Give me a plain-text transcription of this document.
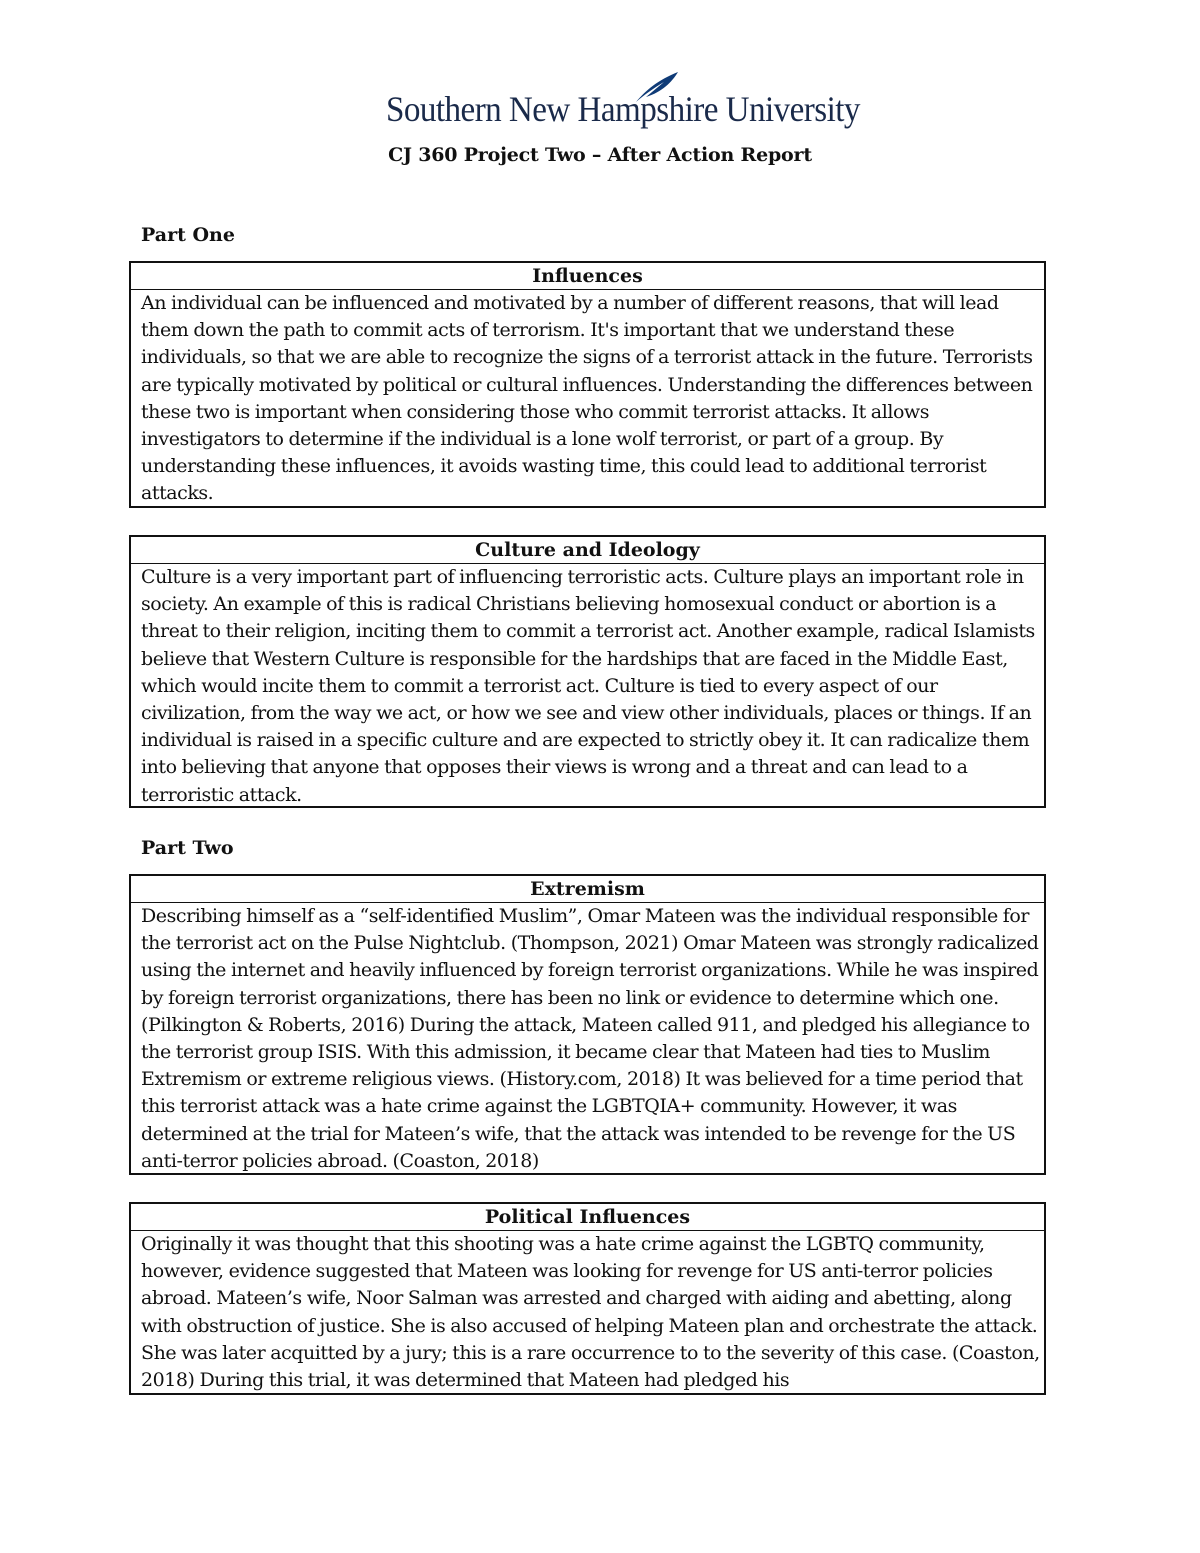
Southern New Hampshire University
CJ 360 Project Two – After Action Report
Part One
Influences
An individual can be influenced and motivated by a number of different reasons, that will lead them down the path to commit acts of terrorism. It's important that we understand these individuals, so that we are able to recognize the signs of a terrorist attack in the future. Terrorists are typically motivated by political or cultural influences. Understanding the differences between these two is important when considering those who commit terrorist attacks. It allows investigators to determine if the individual is a lone wolf terrorist, or part of a group. By understanding these influences, it avoids wasting time, this could lead to additional terrorist attacks.
Culture and Ideology
Culture is a very important part of influencing terroristic acts. Culture plays an important role in society. An example of this is radical Christians believing homosexual conduct or abortion is a threat to their religion, inciting them to commit a terrorist act. Another example, radical Islamists believe that Western Culture is responsible for the hardships that are faced in the Middle East, which would incite them to commit a terrorist act. Culture is tied to every aspect of our civilization, from the way we act, or how we see and view other individuals, places or things. If an individual is raised in a specific culture and are expected to strictly obey it. It can radicalize them into believing that anyone that opposes their views is wrong and a threat and can lead to a terroristic attack.
Part Two
Extremism
Describing himself as a “self-identified Muslim”, Omar Mateen was the individual responsible for the terrorist act on the Pulse Nightclub. (Thompson, 2021) Omar Mateen was strongly radicalized using the internet and heavily influenced by foreign terrorist organizations. While he was inspired by foreign terrorist organizations, there has been no link or evidence to determine which one. (Pilkington & Roberts, 2016) During the attack, Mateen called 911, and pledged his allegiance to the terrorist group ISIS. With this admission, it became clear that Mateen had ties to Muslim Extremism or extreme religious views. (History.com, 2018) It was believed for a time period that this terrorist attack was a hate crime against the LGBTQIA+ community. However, it was determined at the trial for Mateen’s wife, that the attack was intended to be revenge for the US anti-terror policies abroad. (Coaston, 2018)
Political Influences
Originally it was thought that this shooting was a hate crime against the LGBTQ community, however, evidence suggested that Mateen was looking for revenge for US anti-terror policies abroad. Mateen’s wife, Noor Salman was arrested and charged with aiding and abetting, along with obstruction of justice. She is also accused of helping Mateen plan and orchestrate the attack. She was later acquitted by a jury; this is a rare occurrence to to the severity of this case. (Coaston, 2018) During this trial, it was determined that Mateen had pledged his
